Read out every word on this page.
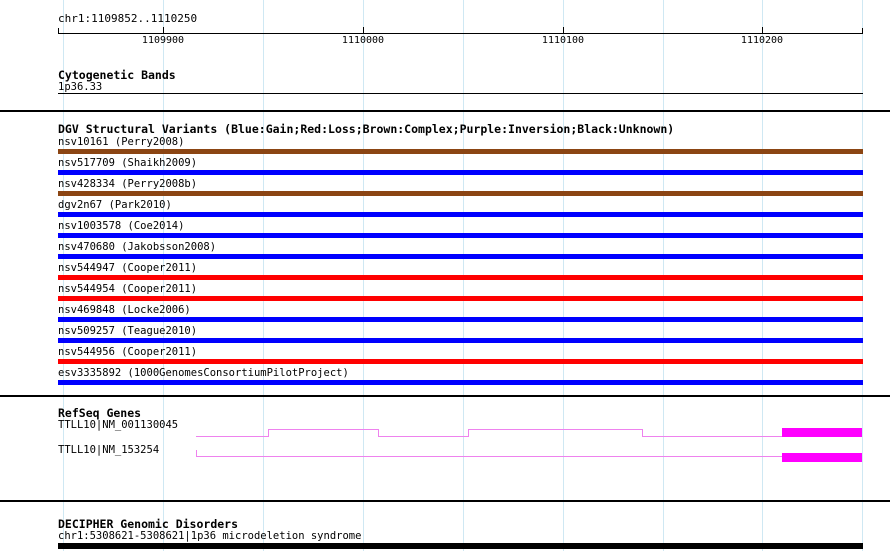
chr1:1109852..1110250
1109900	1110000	1110100	1110200
Cytogenetic Bands
1p36.33
DGV Structural Variants (Blue:Gain;Red:Loss;Brown:Complex;Purple:Inversion;Black:Unknown)
nsv10161 (Perry2008)
nsv517709 (Shaikh2009)
nsv428334 (Perry2008b)
dgv2n67 (Park2010)
nsv1003578 (Coe2014)
nsv470680 (Jakobsson2008)
nsv544947 (Cooper2011)
nsv544954 (Cooper2011)
nsv469848 (Locke2006)
nsv509257 (Teague2010)
nsv544956 (Cooper2011)
esv3335892 (1000GenomesConsortiumPilotProject)
RefSeq Genes
TTLL10|NM_001130045
TTLL10|NM_153254
DECIPHER Genomic Disorders
chr1:5308621-5308621|1p36 microdeletion syndrome
